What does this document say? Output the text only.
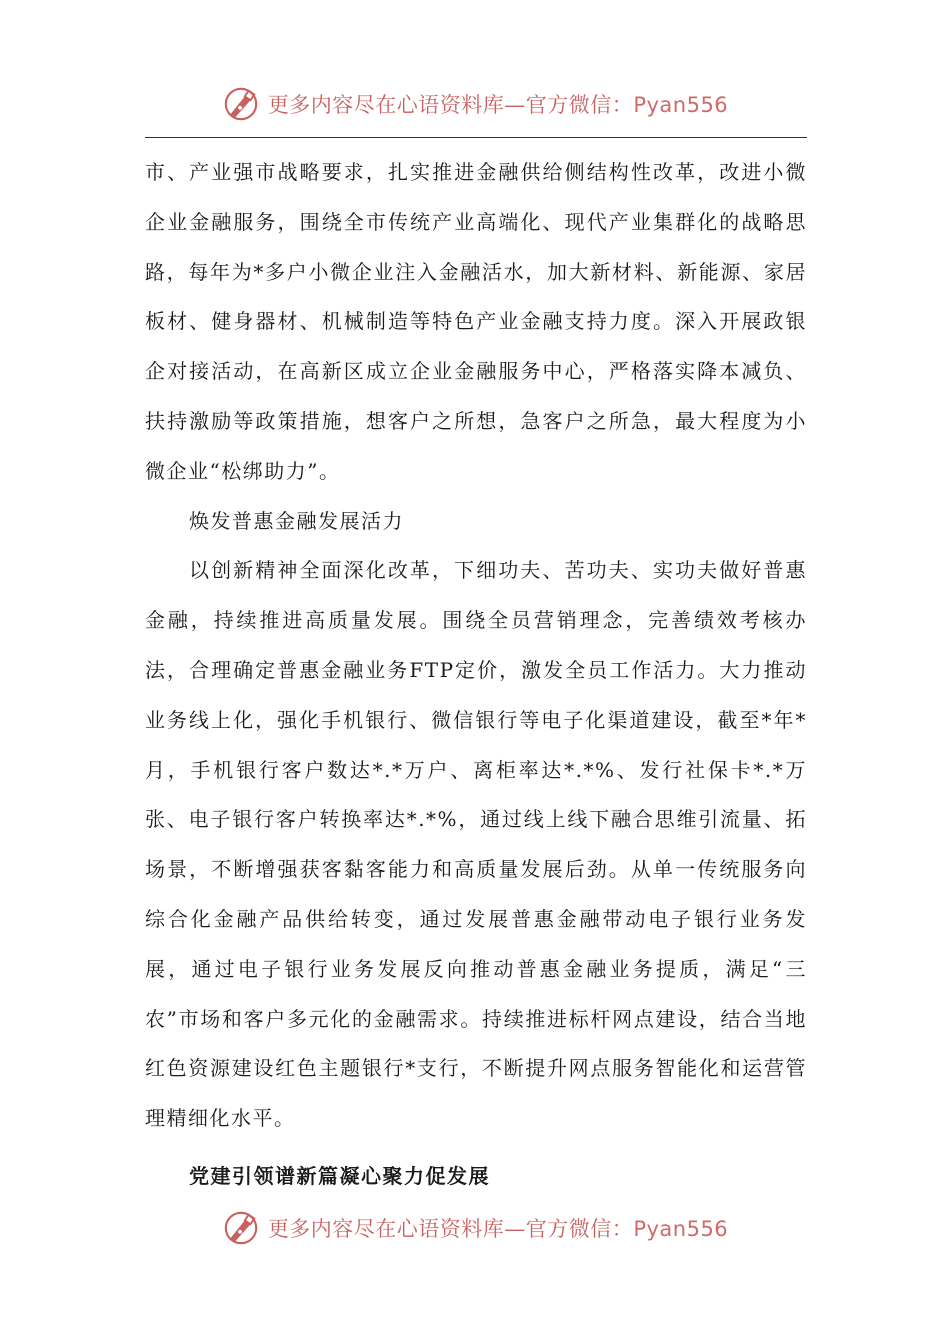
更多内容尽在心语资料库—官方微信：Pyan556

市、产业强市战略要求，扎实推进金融供给侧结构性改革，改进小微企业金融服务，围绕全市传统产业高端化、现代产业集群化的战略思路，每年为*多户小微企业注入金融活水，加大新材料、新能源、家居板材、健身器材、机械制造等特色产业金融支持力度。深入开展政银企对接活动，在高新区成立企业金融服务中心，严格落实降本减负、扶持激励等政策措施，想客户之所想，急客户之所急，最大程度为小微企业“松绑助力”。

焕发普惠金融发展活力

以创新精神全面深化改革，下细功夫、苦功夫、实功夫做好普惠金融，持续推进高质量发展。围绕全员营销理念，完善绩效考核办法，合理确定普惠金融业务FTP定价，激发全员工作活力。大力推动业务线上化，强化手机银行、微信银行等电子化渠道建设，截至*年*月，手机银行客户数达*.*万户、离柜率达*.*%、发行社保卡*.*万张、电子银行客户转换率达*.*%，通过线上线下融合思维引流量、拓场景，不断增强获客黏客能力和高质量发展后劲。从单一传统服务向综合化金融产品供给转变，通过发展普惠金融带动电子银行业务发展，通过电子银行业务发展反向推动普惠金融业务提质，满足“三农”市场和客户多元化的金融需求。持续推进标杆网点建设，结合当地红色资源建设红色主题银行*支行，不断提升网点服务智能化和运营管理精细化水平。

党建引领谱新篇凝心聚力促发展

更多内容尽在心语资料库—官方微信：Pyan556
